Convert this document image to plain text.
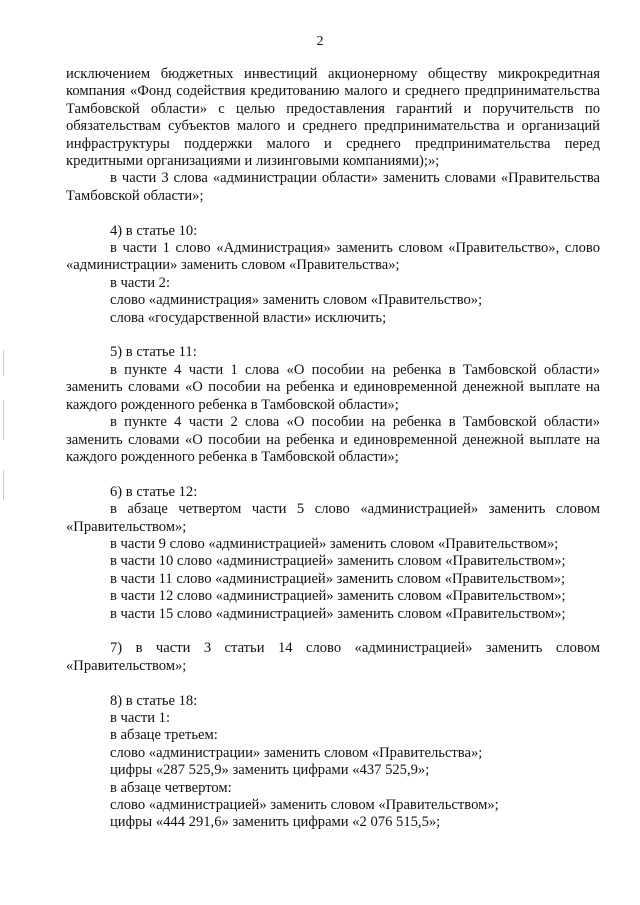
2

исключением бюджетных инвестиций акционерному обществу микрокредитная компания «Фонд содействия кредитованию малого и среднего предпринимательства Тамбовской области» с целью предоставления гарантий и поручительств по обязательствам субъектов малого и среднего предпринимательства и организаций инфраструктуры поддержки малого и среднего предпринимательства перед кредитными организациями и лизинговыми компаниями);»;

в части 3 слова «администрации области» заменить словами «Правительства Тамбовской области»;

4) в статье 10:

в части 1 слово «Администрация» заменить словом «Правительство», слово «администрации» заменить словом «Правительства»;

в части 2:

слово «администрация» заменить словом «Правительство»;

слова «государственной власти» исключить;

5) в статье 11:

в пункте 4 части 1 слова «О пособии на ребенка в Тамбовской области» заменить словами «О пособии на ребенка и единовременной денежной выплате на каждого рожденного ребенка в Тамбовской области»;

в пункте 4 части 2 слова «О пособии на ребенка в Тамбовской области» заменить словами «О пособии на ребенка и единовременной денежной выплате на каждого рожденного ребенка в Тамбовской области»;

6) в статье 12:

в абзаце четвертом части 5 слово «администрацией» заменить словом «Правительством»;

в части 9 слово «администрацией» заменить словом «Правительством»;

в части 10 слово «администрацией» заменить словом «Правительством»;

в части 11 слово «администрацией» заменить словом «Правительством»;

в части 12 слово «администрацией» заменить словом «Правительством»;

в части 15 слово «администрацией» заменить словом «Правительством»;

7) в части 3 статьи 14 слово «администрацией» заменить словом «Правительством»;

8) в статье 18:

в части 1:

в абзаце третьем:

слово «администрации» заменить словом «Правительства»;

цифры «287 525,9» заменить цифрами «437 525,9»;

в абзаце четвертом:

слово «администрацией» заменить словом «Правительством»;

цифры «444 291,6» заменить цифрами «2 076 515,5»;
